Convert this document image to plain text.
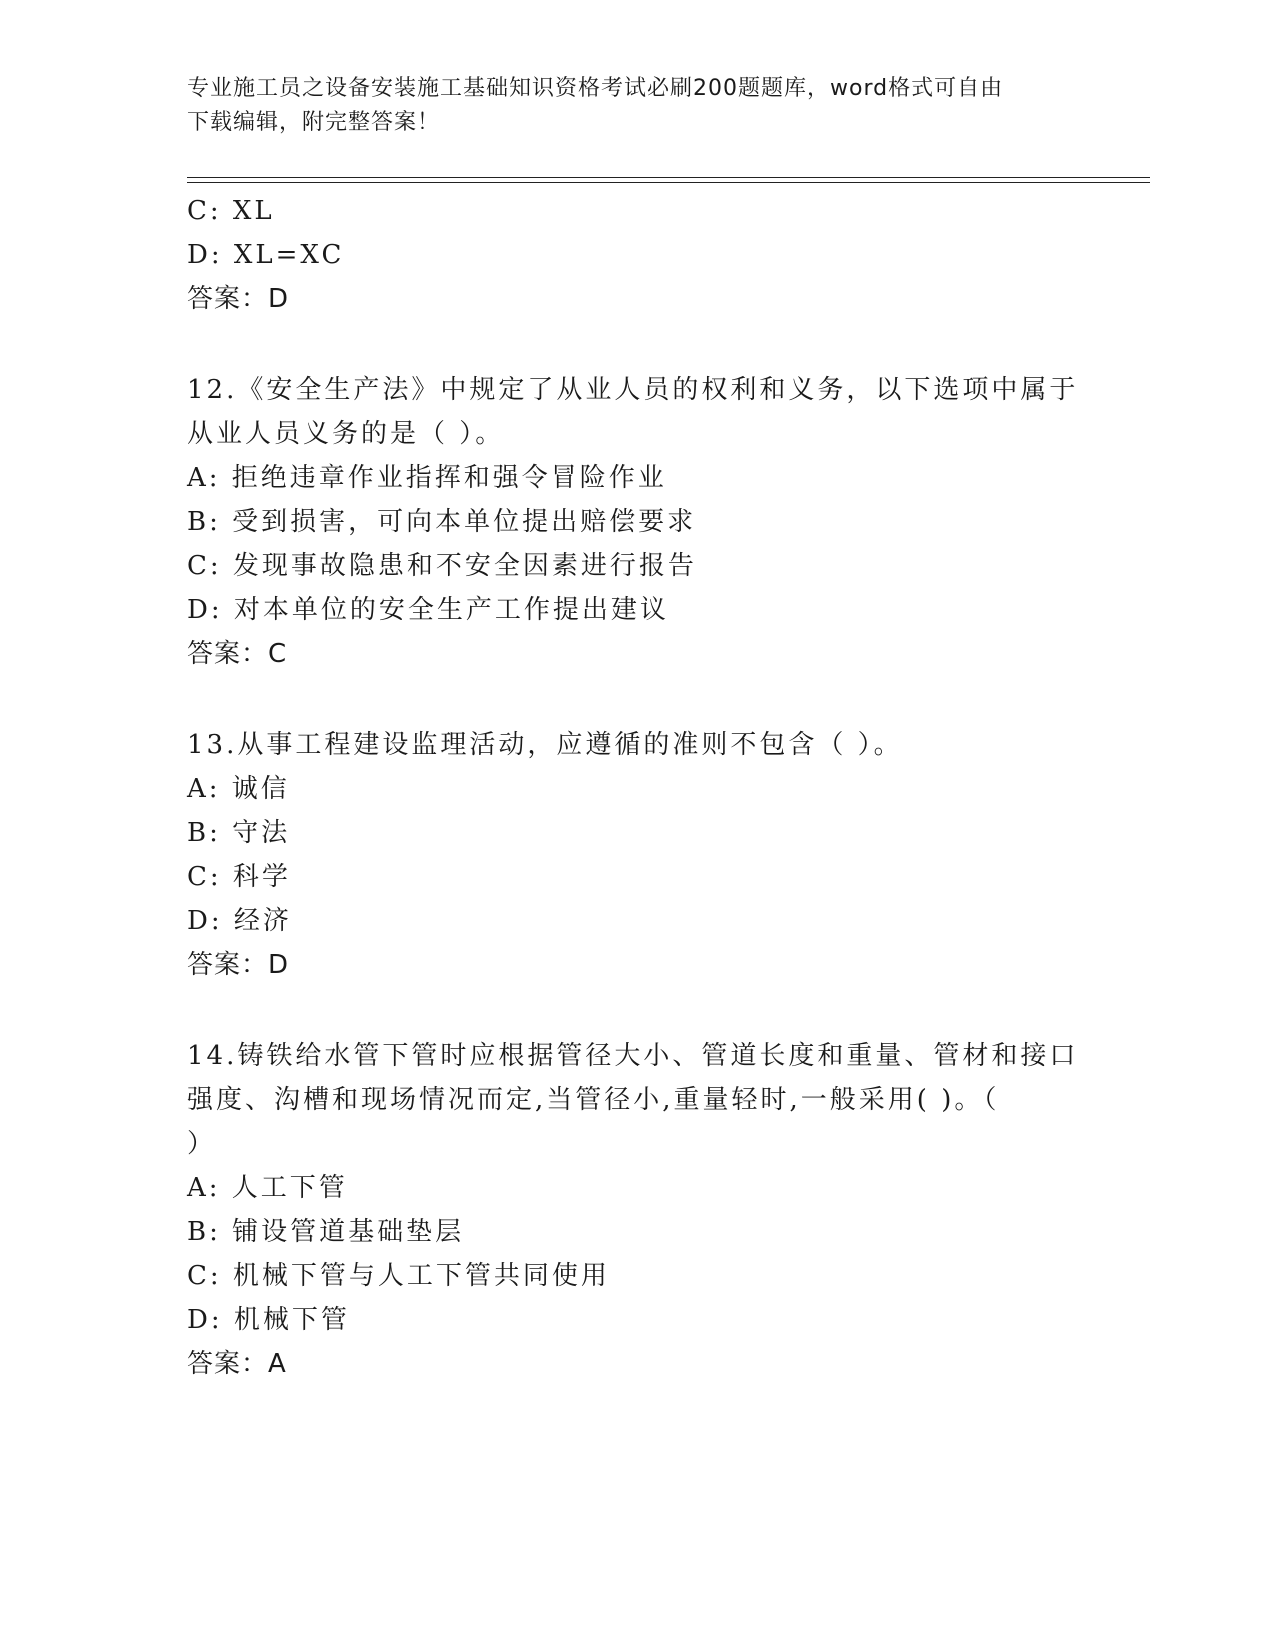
专业施工员之设备安装施工基础知识资格考试必刷200题题库，word格式可自由
下载编辑，附完整答案！
C: XL
D: XL=XC
答案：D
12.《安全生产法》中规定了从业人员的权利和义务，以下选项中属于
从业人员义务的是（ ）。
A: 拒绝违章作业指挥和强令冒险作业
B: 受到损害，可向本单位提出赔偿要求
C: 发现事故隐患和不安全因素进行报告
D: 对本单位的安全生产工作提出建议
答案：C
13.从事工程建设监理活动，应遵循的准则不包含（ ）。
A: 诚信
B: 守法
C: 科学
D: 经济
答案：D
14.铸铁给水管下管时应根据管径大小、管道长度和重量、管材和接口
强度、沟槽和现场情况而定,当管径小,重量轻时,一般采用( )。（
）
A: 人工下管
B: 铺设管道基础垫层
C: 机械下管与人工下管共同使用
D: 机械下管
答案：A
